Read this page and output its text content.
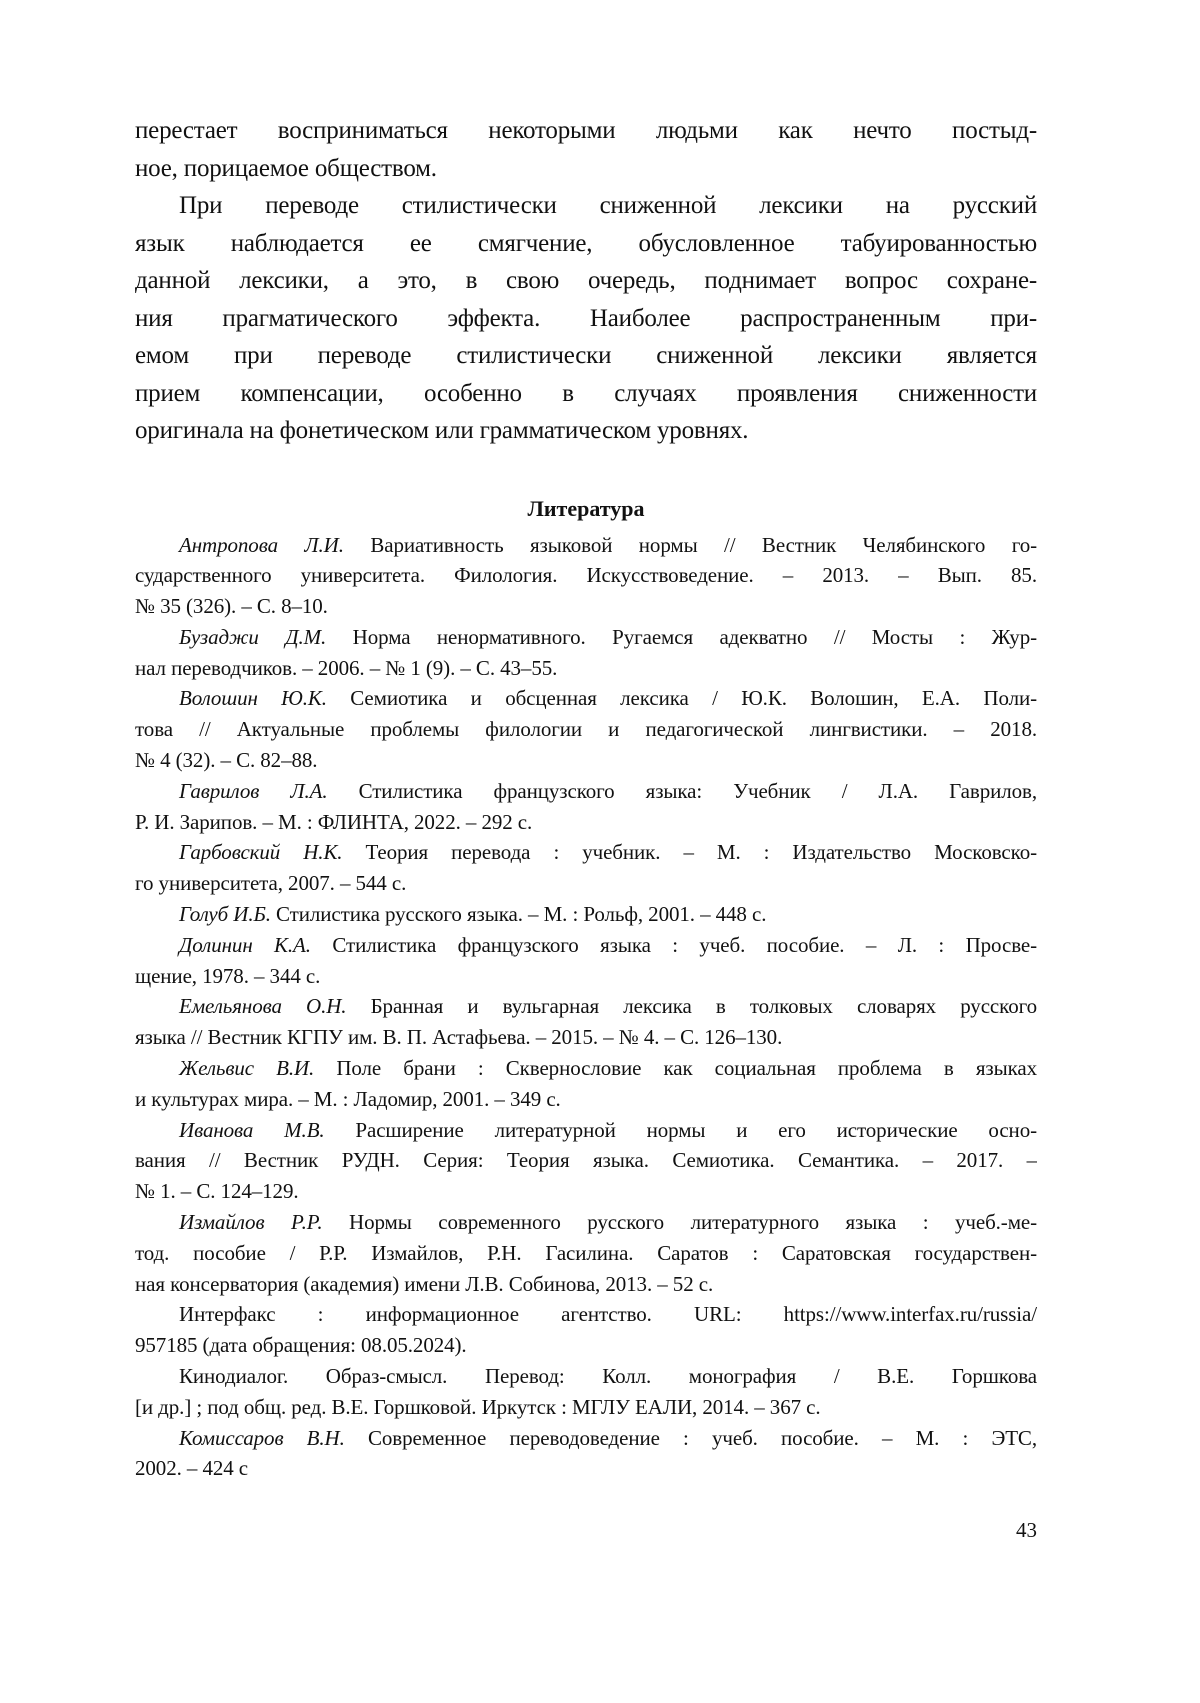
перестает восприниматься некоторыми людьми как нечто постыд-
ное, порицаемое обществом.
При переводе стилистически сниженной лексики на русский
язык наблюдается ее смягчение, обусловленное табуированностью
данной лексики, а это, в свою очередь, поднимает вопрос сохране-
ния прагматического эффекта. Наиболее распространенным при-
емом при переводе стилистически сниженной лексики является
прием компенсации, особенно в случаях проявления сниженности
оригинала на фонетическом или грамматическом уровнях.
Литература
Антропова Л.И. Вариативность языковой нормы // Вестник Челябинского го-
сударственного университета. Филология. Искусствоведение. – 2013. – Вып. 85.
№ 35 (326). – С. 8–10.
Бузаджи Д.М. Норма ненормативного. Ругаемся адекватно // Мосты : Жур-
нал переводчиков. – 2006. – № 1 (9). – С. 43–55.
Волошин Ю.К. Семиотика и обсценная лексика / Ю.К. Волошин, Е.А. Поли-
това // Актуальные проблемы филологии и педагогической лингвистики. – 2018.
№ 4 (32). – С. 82–88.
Гаврилов Л.А. Стилистика французского языка: Учебник / Л.А. Гаврилов,
Р. И. Зарипов. – М. : ФЛИНТА, 2022. – 292 с.
Гарбовский Н.К. Теория перевода : учебник. – М. : Издательство Московско-
го университета, 2007. – 544 с.
Голуб И.Б. Стилистика русского языка. – М. : Рольф, 2001. – 448 с.
Долинин К.А. Стилистика французского языка : учеб. пособие. – Л. : Просве-
щение, 1978. – 344 с.
Емельянова О.Н. Бранная и вульгарная лексика в толковых словарях русского
языка // Вестник КГПУ им. В. П. Астафьева. – 2015. – № 4. – С. 126–130.
Жельвис В.И. Поле брани : Сквернословие как социальная проблема в языках
и культурах мира. – М. : Ладомир, 2001. – 349 с.
Иванова М.В. Расширение литературной нормы и его исторические осно-
вания // Вестник РУДН. Серия: Теория языка. Семиотика. Семантика. – 2017. –
№ 1. – С. 124–129.
Измайлов Р.Р. Нормы современного русского литературного языка : учеб.-ме-
тод. пособие / Р.Р. Измайлов, Р.Н. Гасилина. Саратов : Саратовская государствен-
ная консерватория (академия) имени Л.В. Собинова, 2013. – 52 с.
Интерфакс : информационное агентство. URL: https://www.interfax.ru/russia/
957185 (дата обращения: 08.05.2024).
Кинодиалог. Образ-смысл. Перевод: Колл. монография / В.Е. Горшкова
[и др.] ; под общ. ред. В.Е. Горшковой. Иркутск : МГЛУ ЕАЛИ, 2014. – 367 с.
Комиссаров В.Н. Современное переводоведение : учеб. пособие. – М. : ЭТС,
2002. – 424 с
43
